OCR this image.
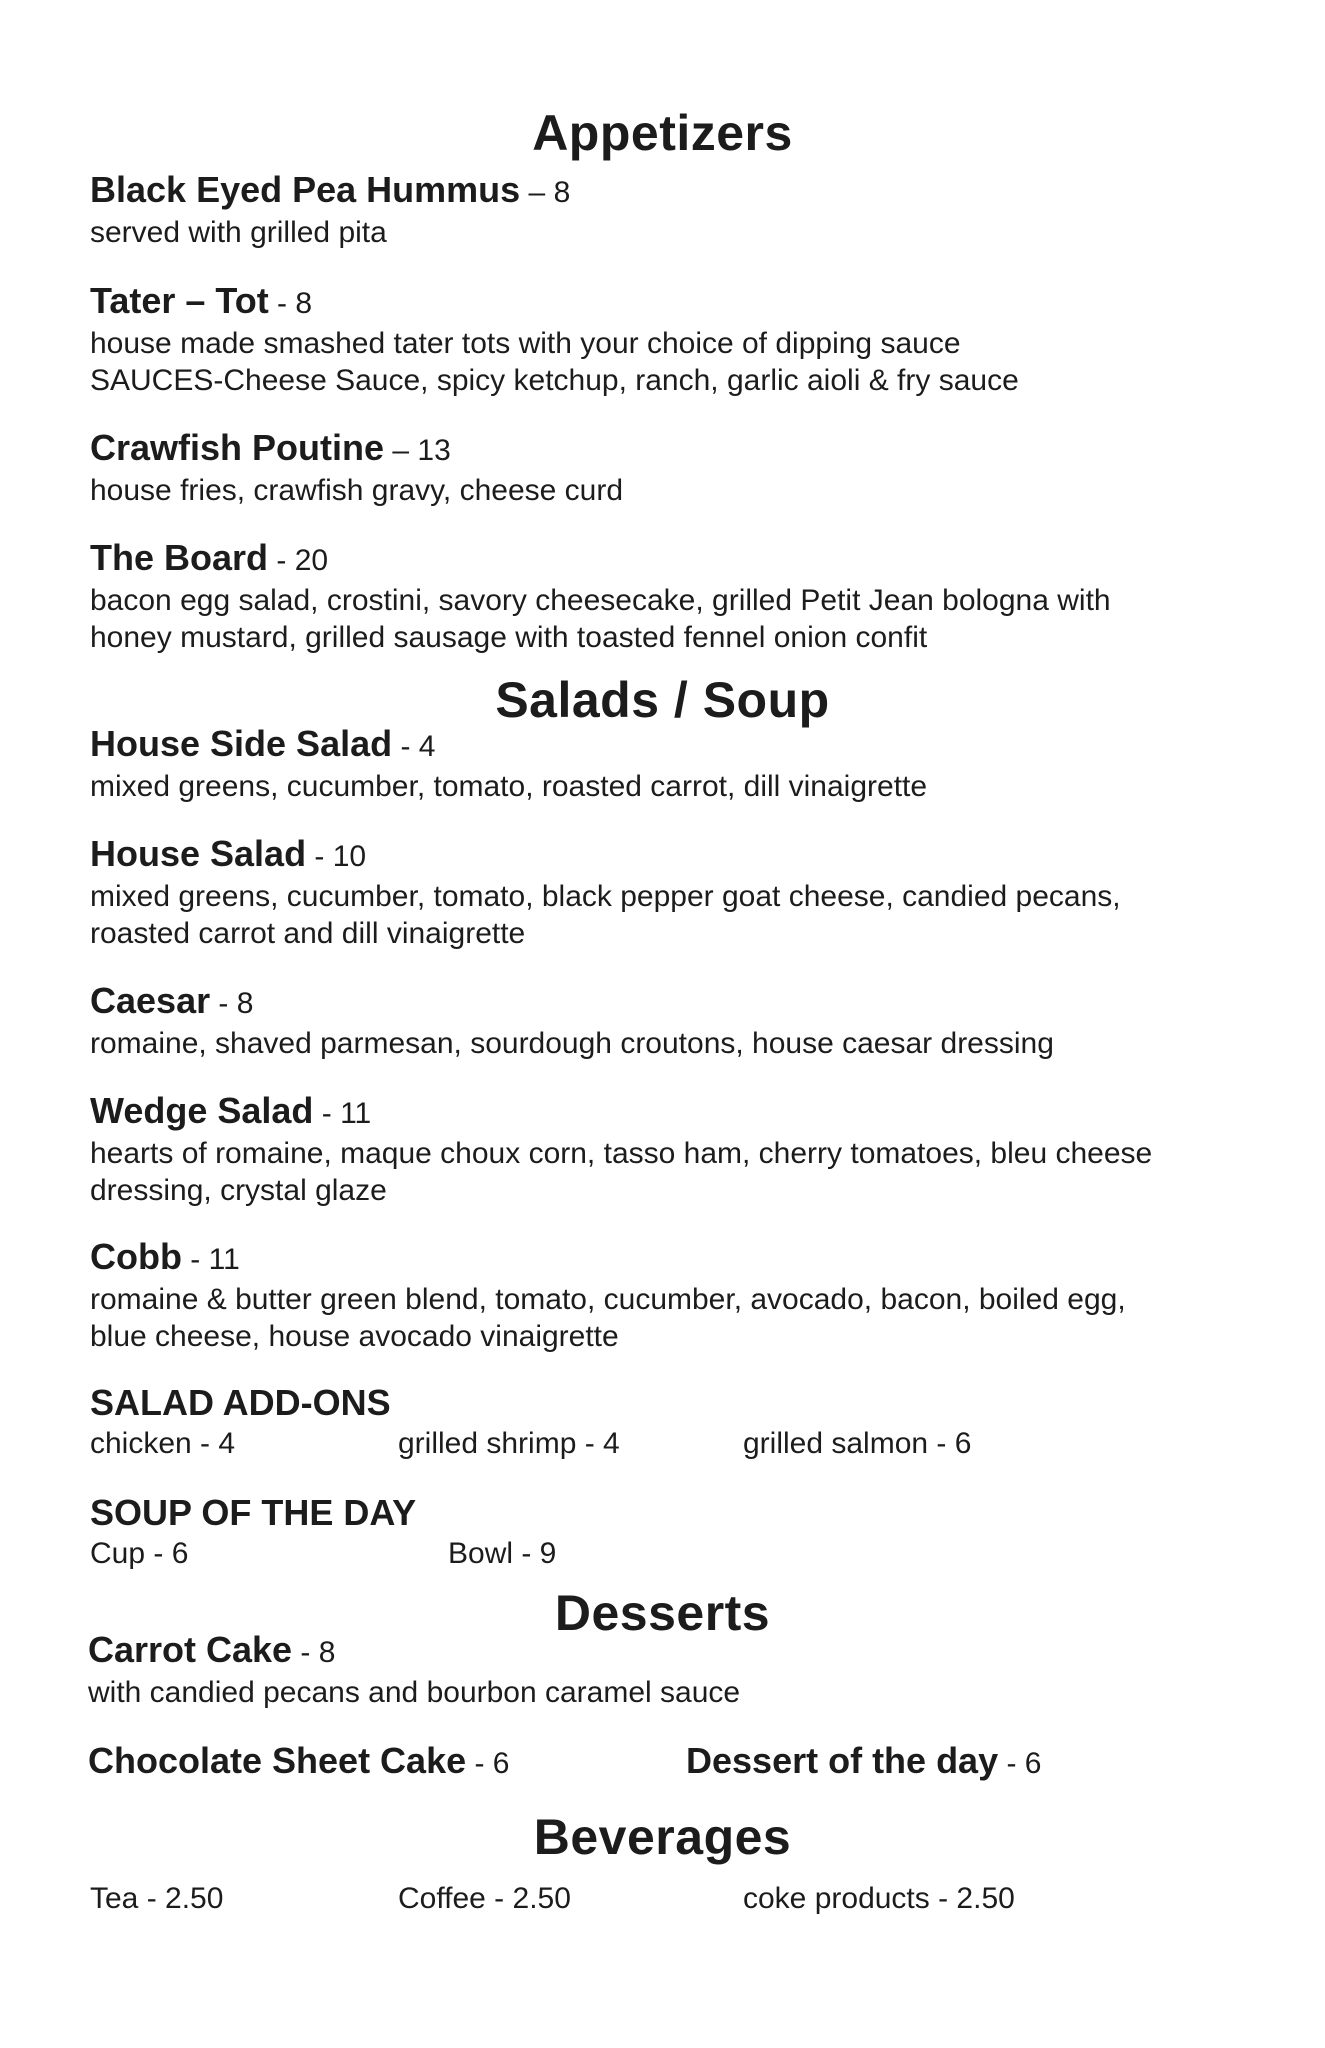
Appetizers
Black Eyed Pea Hummus – 8
served with grilled pita
Tater – Tot - 8
house made smashed tater tots with your choice of dipping sauce
SAUCES-Cheese Sauce, spicy ketchup, ranch, garlic aioli & fry sauce
Crawfish Poutine – 13
house fries, crawfish gravy, cheese curd
The Board - 20
bacon egg salad, crostini, savory cheesecake, grilled Petit Jean bologna with
honey mustard, grilled sausage with toasted fennel onion confit
Salads / Soup
House Side Salad - 4
mixed greens, cucumber, tomato, roasted carrot, dill vinaigrette
House Salad - 10
mixed greens, cucumber, tomato, black pepper goat cheese, candied pecans,
roasted carrot and dill vinaigrette
Caesar - 8
romaine, shaved parmesan, sourdough croutons, house caesar dressing
Wedge Salad - 11
hearts of romaine, maque choux corn, tasso ham, cherry tomatoes, bleu cheese
dressing, crystal glaze
Cobb - 11
romaine & butter green blend, tomato, cucumber, avocado, bacon, boiled egg,
blue cheese, house avocado vinaigrette
SALAD ADD-ONS
chicken - 4	grilled shrimp - 4	grilled salmon - 6
SOUP OF THE DAY
Cup - 6	Bowl - 9
Desserts
Carrot Cake - 8
with candied pecans and bourbon caramel sauce
Chocolate Sheet Cake - 6	Dessert of the day - 6
Beverages
Tea - 2.50	Coffee - 2.50	coke products - 2.50
